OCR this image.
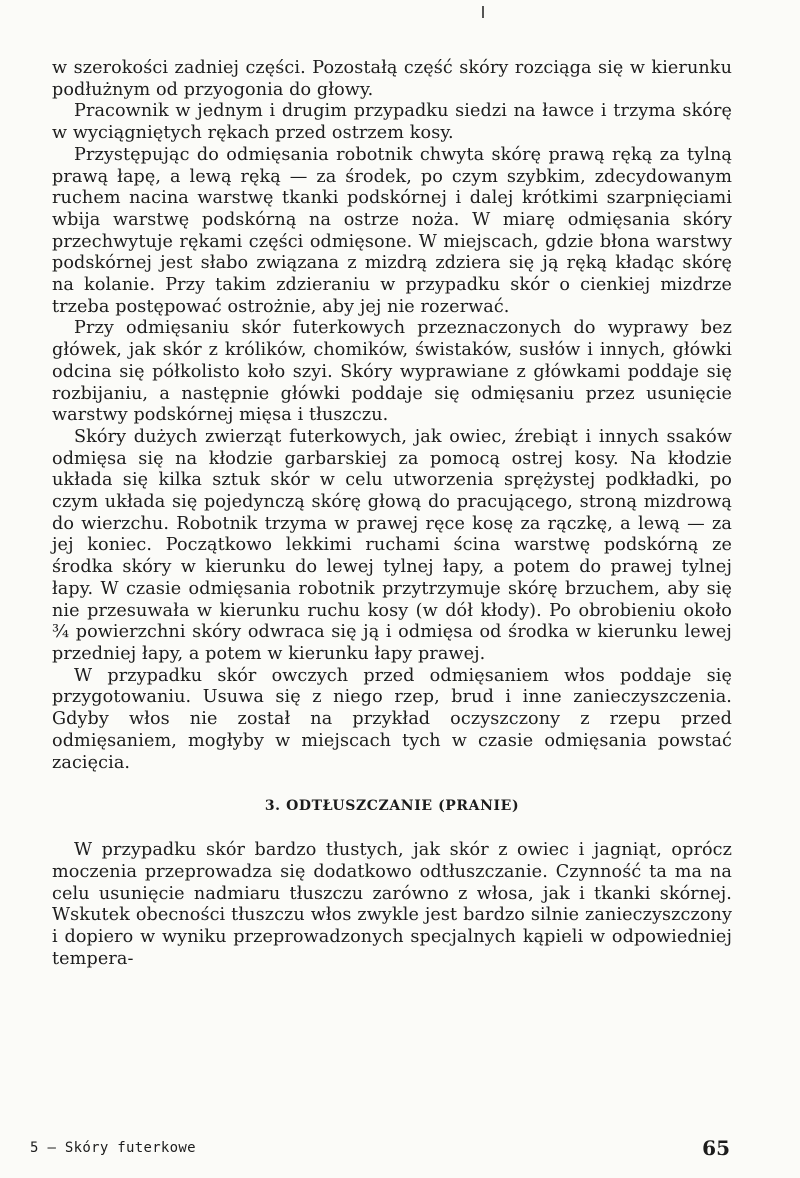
w szerokości zadniej części. Pozostałą część skóry rozciąga się w kierunku podłużnym od przyogonia do głowy.

Pracownik w jednym i drugim przypadku siedzi na ławce i trzyma skórę w wyciągniętych rękach przed ostrzem kosy.

Przystępując do odmięsania robotnik chwyta skórę prawą ręką za tylną prawą łapę, a lewą ręką — za środek, po czym szybkim, zdecydowanym ruchem nacina warstwę tkanki podskórnej i dalej krótkimi szarpnięciami wbija warstwę podskórną na ostrze noża. W miarę odmięsania skóry przechwytuje rękami części odmięsone. W miejscach, gdzie błona warstwy podskórnej jest słabo związana z mizdrą zdziera się ją ręką kładąc skórę na kolanie. Przy takim zdzieraniu w przypadku skór o cienkiej mizdrze trzeba postępować ostrożnie, aby jej nie rozerwać.

Przy odmięsaniu skór futerkowych przeznaczonych do wyprawy bez główek, jak skór z królików, chomików, świstaków, susłów i innych, główki odcina się półkolisto koło szyi. Skóry wyprawiane z główkami poddaje się rozbijaniu, a następnie główki poddaje się odmięsaniu przez usunięcie warstwy podskórnej mięsa i tłuszczu.

Skóry dużych zwierząt futerkowych, jak owiec, źrebiąt i innych ssaków odmięsa się na kłodzie garbarskiej za pomocą ostrej kosy. Na kłodzie układa się kilka sztuk skór w celu utworzenia sprężystej podkładki, po czym układa się pojedynczą skórę głową do pracującego, stroną mizdrową do wierzchu. Robotnik trzyma w prawej ręce kosę za rączkę, a lewą — za jej koniec. Początkowo lekkimi ruchami ścina warstwę podskórną ze środka skóry w kierunku do lewej tylnej łapy, a potem do prawej tylnej łapy. W czasie odmięsania robotnik przytrzymuje skórę brzuchem, aby się nie przesuwała w kierunku ruchu kosy (w dół kłody). Po obrobieniu około ¾ powierzchni skóry odwraca się ją i odmięsa od środka w kierunku lewej przedniej łapy, a potem w kierunku łapy prawej.

W przypadku skór owczych przed odmięsaniem włos poddaje się przygotowaniu. Usuwa się z niego rzep, brud i inne zanieczyszczenia. Gdyby włos nie został na przykład oczyszczony z rzepu przed odmięsaniem, mogłyby w miejscach tych w czasie odmięsania powstać zacięcia.

3. ODTŁUSZCZANIE (PRANIE)

W przypadku skór bardzo tłustych, jak skór z owiec i jagniąt, oprócz moczenia przeprowadza się dodatkowo odtłuszczanie. Czynność ta ma na celu usunięcie nadmiaru tłuszczu zarówno z włosa, jak i tkanki skórnej. Wskutek obecności tłuszczu włos zwykle jest bardzo silnie zanieczyszczony i dopiero w wyniku przeprowadzonych specjalnych kąpieli w odpowiedniej tempera-

5 — Skóry futerkowe	65
